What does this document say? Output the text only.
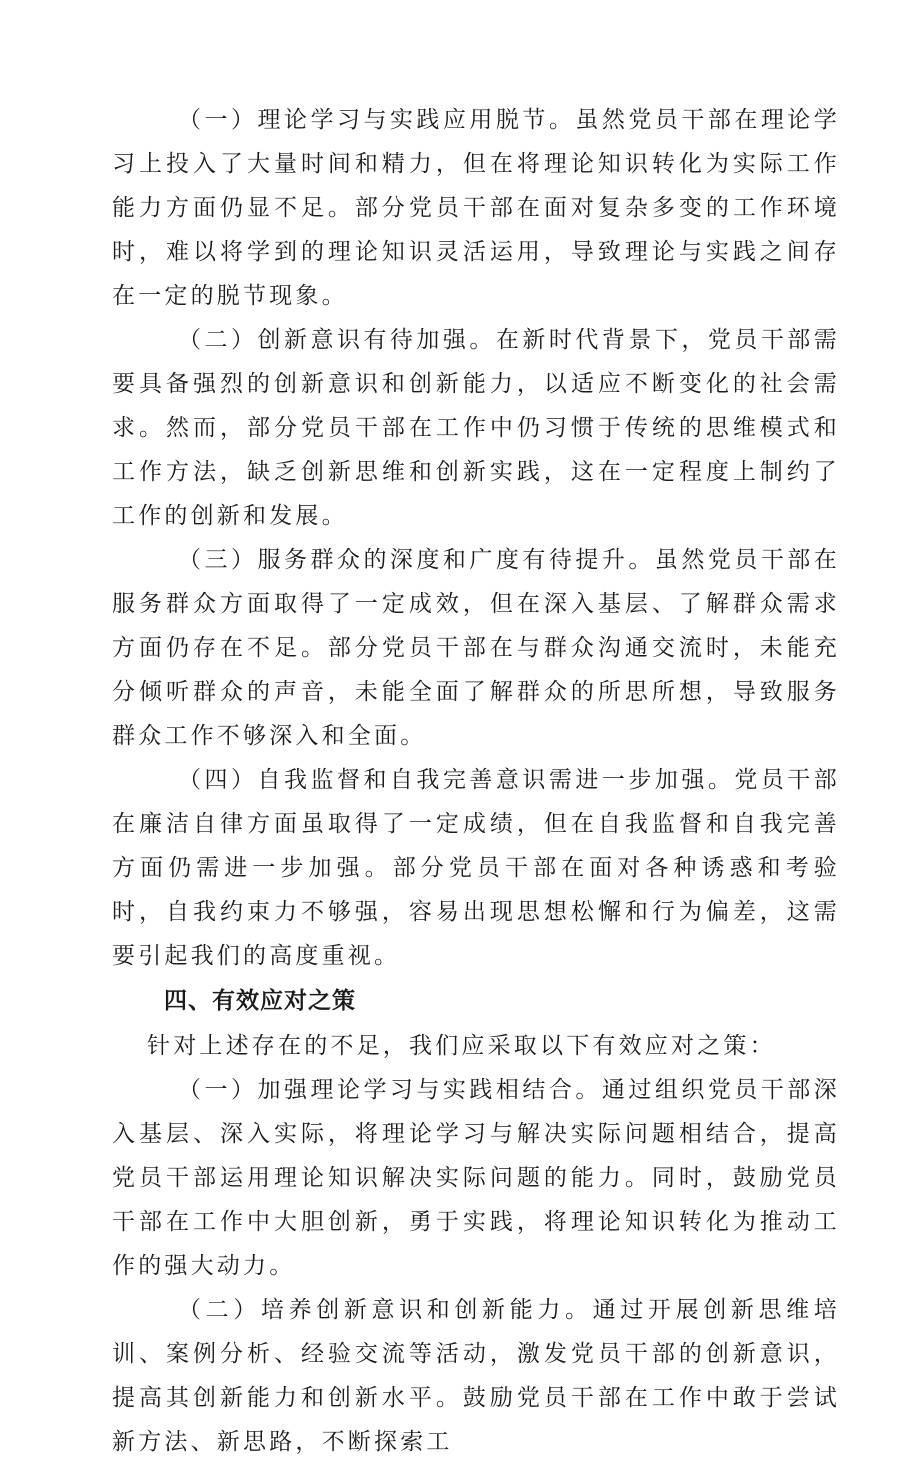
（一）理论学习与实践应用脱节。虽然党员干部在理论学习上投入了大量时间和精力，但在将理论知识转化为实际工作能力方面仍显不足。部分党员干部在面对复杂多变的工作环境时，难以将学到的理论知识灵活运用，导致理论与实践之间存在一定的脱节现象。

（二）创新意识有待加强。在新时代背景下，党员干部需要具备强烈的创新意识和创新能力，以适应不断变化的社会需求。然而，部分党员干部在工作中仍习惯于传统的思维模式和工作方法，缺乏创新思维和创新实践，这在一定程度上制约了工作的创新和发展。

（三）服务群众的深度和广度有待提升。虽然党员干部在服务群众方面取得了一定成效，但在深入基层、了解群众需求方面仍存在不足。部分党员干部在与群众沟通交流时，未能充分倾听群众的声音，未能全面了解群众的所思所想，导致服务群众工作不够深入和全面。

（四）自我监督和自我完善意识需进一步加强。党员干部在廉洁自律方面虽取得了一定成绩，但在自我监督和自我完善方面仍需进一步加强。部分党员干部在面对各种诱惑和考验时，自我约束力不够强，容易出现思想松懈和行为偏差，这需要引起我们的高度重视。

四、有效应对之策

针对上述存在的不足，我们应采取以下有效应对之策：

（一）加强理论学习与实践相结合。通过组织党员干部深入基层、深入实际，将理论学习与解决实际问题相结合，提高党员干部运用理论知识解决实际问题的能力。同时，鼓励党员干部在工作中大胆创新，勇于实践，将理论知识转化为推动工作的强大动力。

（二）培养创新意识和创新能力。通过开展创新思维培训、案例分析、经验交流等活动，激发党员干部的创新意识，提高其创新能力和创新水平。鼓励党员干部在工作中敢于尝试新方法、新思路，不断探索工
